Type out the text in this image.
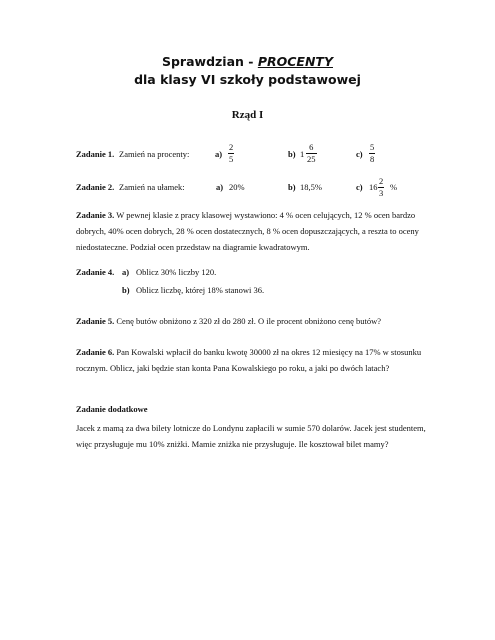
Sprawdzian - PROCENTY
dla klasy VI szkoły podstawowej
Rząd I
Zadanie 1. Zamień na procenty:	$a) \frac{2}{5}$	b) $1 \frac{6}{25}$	$c) \frac{5}{8}$
Zadanie 2. Zamień na ułamek:	a) 20%	b) 18,5%	c) $16 \frac{2}{3}$ %
Zadanie 3. W pewnej klasie z pracy klasowej wystawiono: 4 % ocen celujących, 12 % ocen bardzo dobrych, 40% ocen dobrych, 28 % ocen dostatecznych, 8 % ocen dopuszczających, a reszta to oceny niedostateczne. Podział ocen przedstaw na diagramie kwadratowym.
Zadanie 4. a) Oblicz 30% liczby 120.
b) Oblicz liczbę, której 18% stanowi 36.
Zadanie 5. Cenę butów obniżono z 320 zł do 280 zł. O ile procent obniżono cenę butów?
Zadanie 6. Pan Kowalski wpłacił do banku kwotę 30000 zł na okres 12 miesięcy na 17% w stosunku rocznym. Oblicz, jaki będzie stan konta Pana Kowalskiego po roku, a jaki po dwóch latach?
Zadanie dodatkowe
Jacek z mamą za dwa bilety lotnicze do Londynu zapłacili w sumie 570 dolarów. Jacek jest studentem, więc przysługuje mu 10% zniżki. Mamie zniżka nie przysługuje. Ile kosztował bilet mamy?
